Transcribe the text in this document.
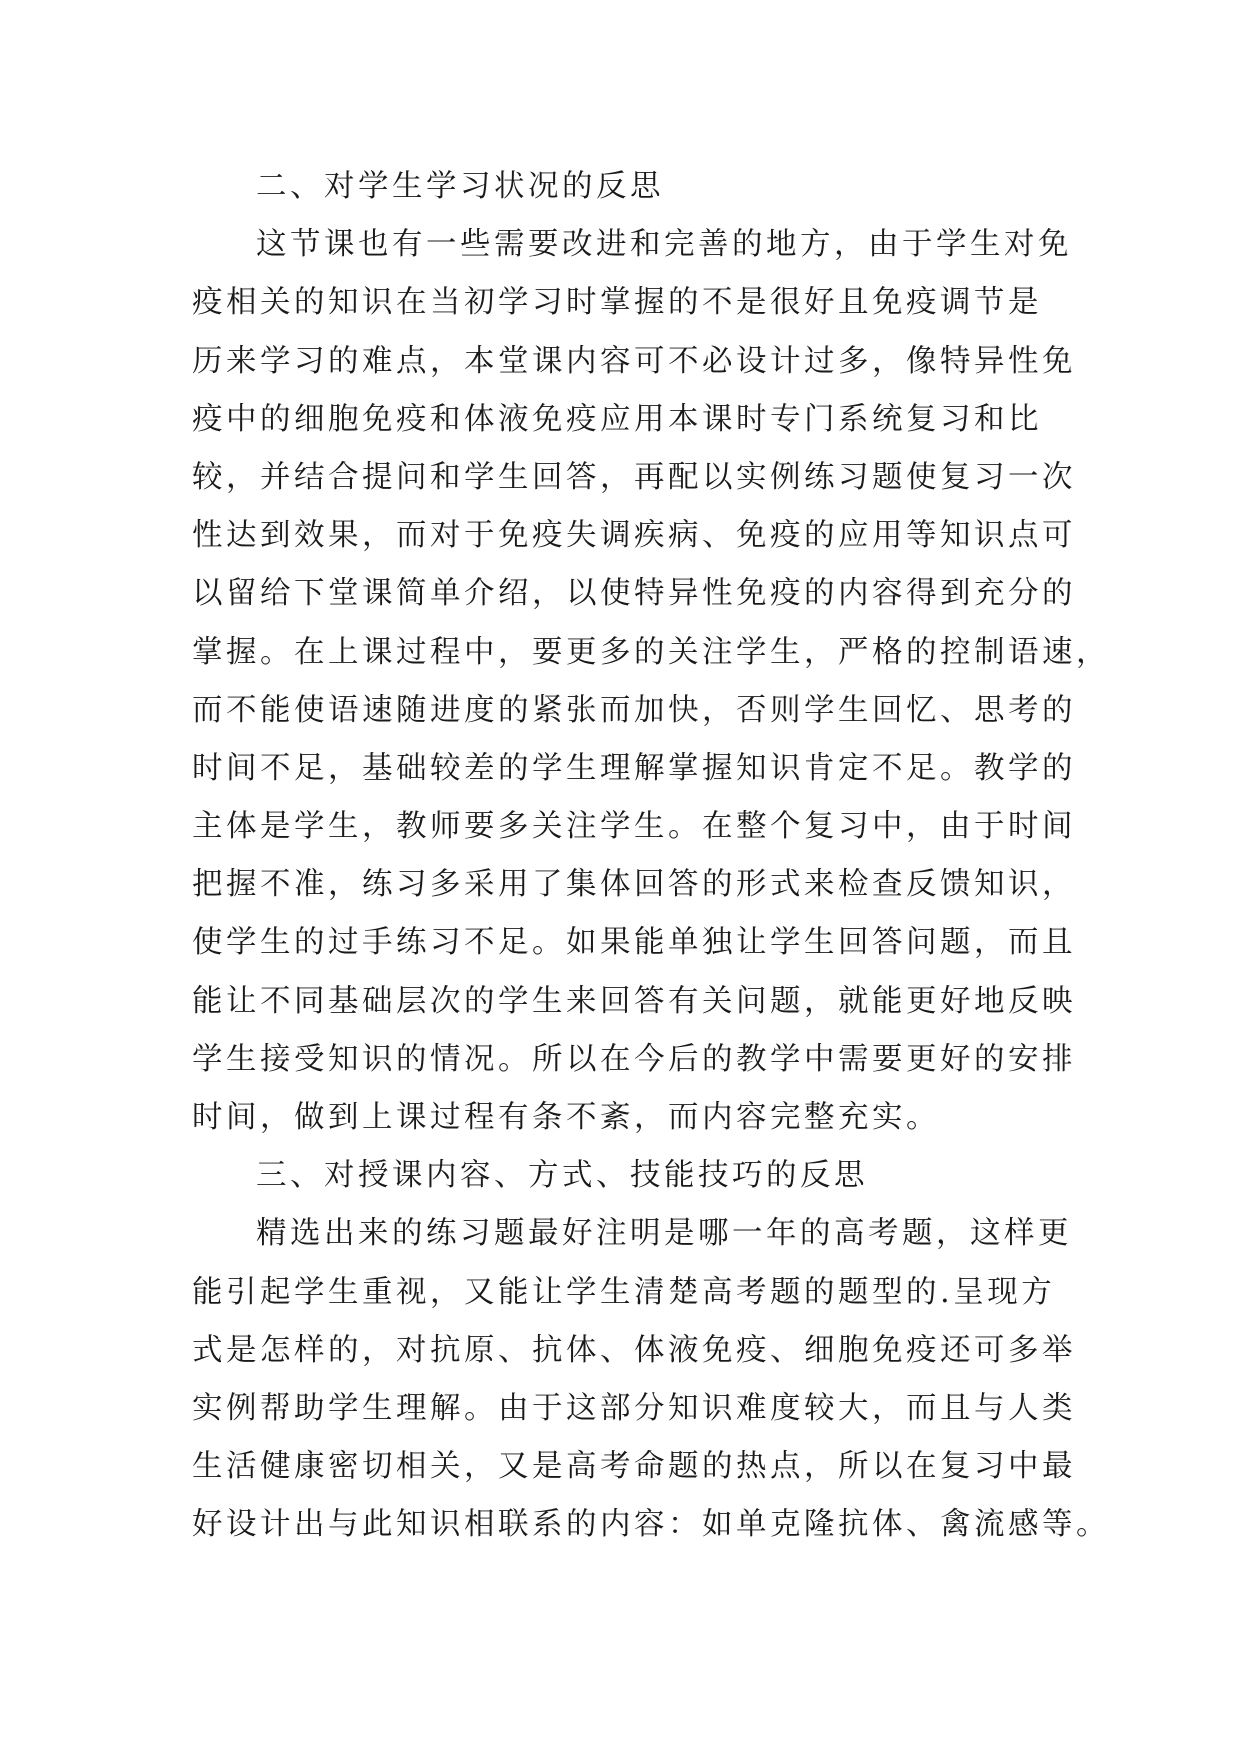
二、对学生学习状况的反思
这节课也有一些需要改进和完善的地方，由于学生对免
疫相关的知识在当初学习时掌握的不是很好且免疫调节是
历来学习的难点，本堂课内容可不必设计过多，像特异性免
疫中的细胞免疫和体液免疫应用本课时专门系统复习和比
较，并结合提问和学生回答，再配以实例练习题使复习一次
性达到效果，而对于免疫失调疾病、免疫的应用等知识点可
以留给下堂课简单介绍，以使特异性免疫的内容得到充分的
掌握。在上课过程中，要更多的关注学生，严格的控制语速，
而不能使语速随进度的紧张而加快，否则学生回忆、思考的
时间不足，基础较差的学生理解掌握知识肯定不足。教学的
主体是学生，教师要多关注学生。在整个复习中，由于时间
把握不准，练习多采用了集体回答的形式来检查反馈知识，
使学生的过手练习不足。如果能单独让学生回答问题，而且
能让不同基础层次的学生来回答有关问题，就能更好地反映
学生接受知识的情况。所以在今后的教学中需要更好的安排
时间，做到上课过程有条不紊，而内容完整充实。
三、对授课内容、方式、技能技巧的反思
精选出来的练习题最好注明是哪一年的高考题，这样更
能引起学生重视，又能让学生清楚高考题的题型的.呈现方
式是怎样的，对抗原、抗体、体液免疫、细胞免疫还可多举
实例帮助学生理解。由于这部分知识难度较大，而且与人类
生活健康密切相关，又是高考命题的热点，所以在复习中最
好设计出与此知识相联系的内容：如单克隆抗体、禽流感等。
